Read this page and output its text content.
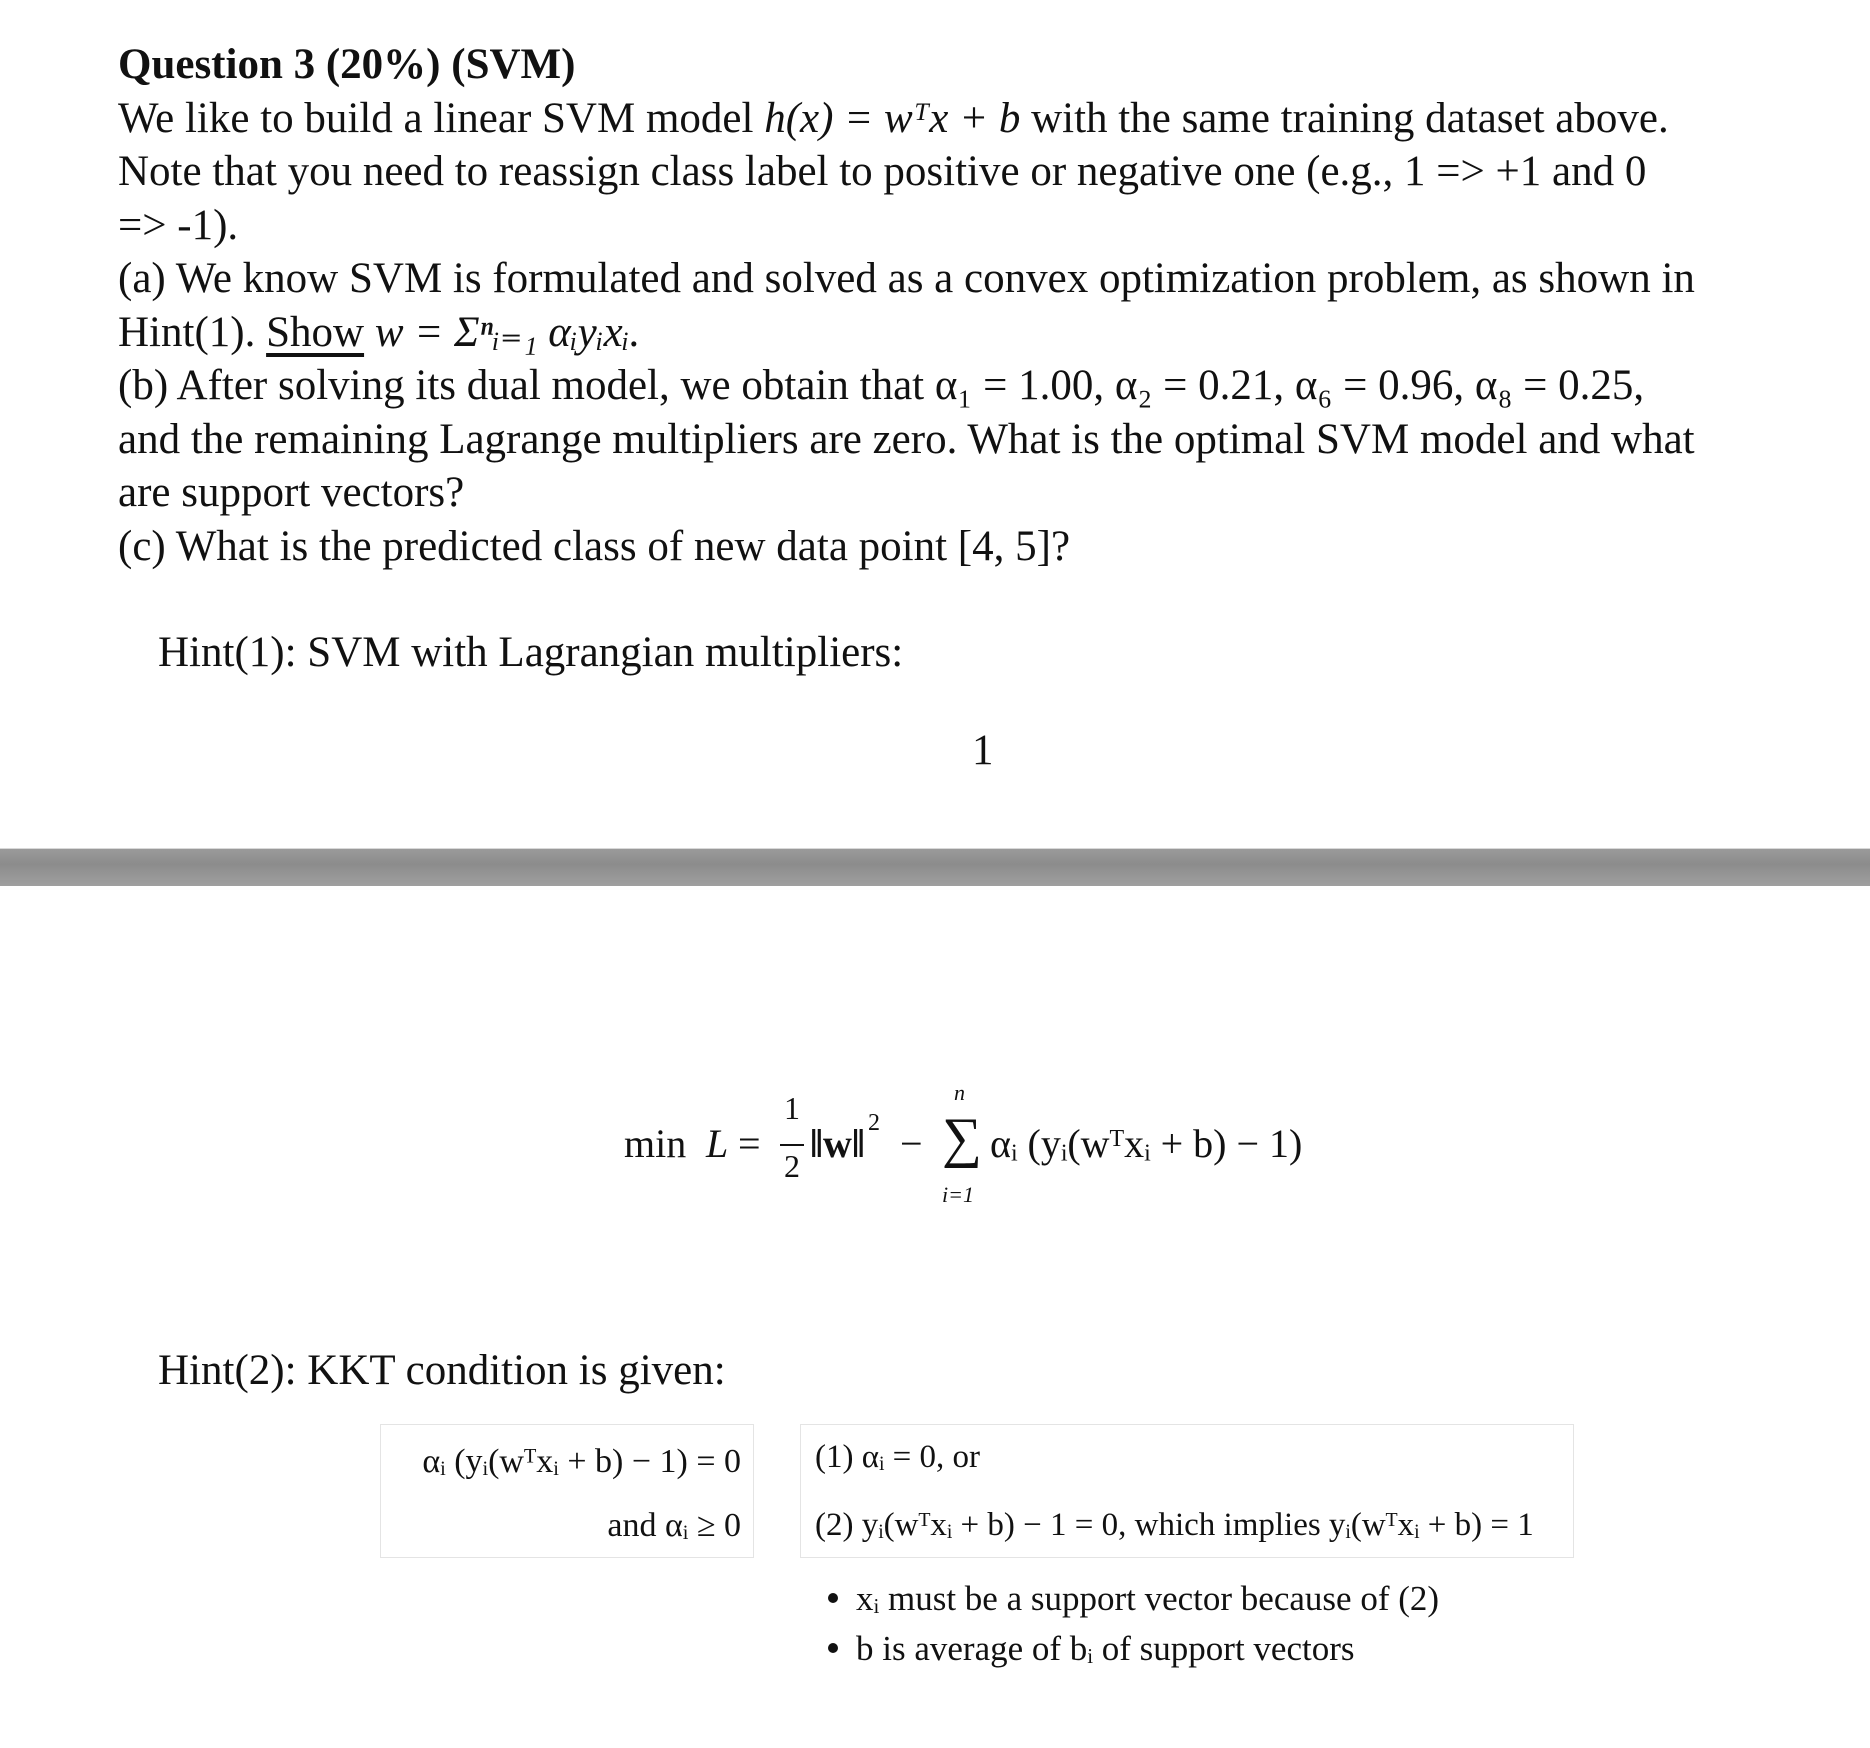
Question 3 (20%) (SVM)
We like to build a linear SVM model h(x) = wᵀx + b with the same training dataset above.
Note that you need to reassign class label to positive or negative one (e.g., 1 => +1 and 0
=> -1).
(a) We know SVM is formulated and solved as a convex optimization problem, as shown in
Hint(1). Show w = Σⁿᵢ₌₁ αᵢyᵢxᵢ.
(b) After solving its dual model, we obtain that α₁ = 1.00, α₂ = 0.21, α₆ = 0.96, α₈ = 0.25,
and the remaining Lagrange multipliers are zero. What is the optimal SVM model and what
are support vectors?
(c) What is the predicted class of new data point [4, 5]?
Hint(1): SVM with Lagrangian multipliers:
1
min L =
1
2 ‖w‖ 2 −
n
∑
i=1
αᵢ (yᵢ(wᵀxᵢ + b) − 1)
Hint(2): KKT condition is given:
αᵢ (yᵢ(wᵀxᵢ + b) − 1) = 0
and αᵢ ≥ 0
(1) αᵢ = 0, or
(2) yᵢ(wᵀxᵢ + b) − 1 = 0, which implies yᵢ(wᵀxᵢ + b) = 1
xᵢ must be a support vector because of (2)
b is average of bᵢ of support vectors
